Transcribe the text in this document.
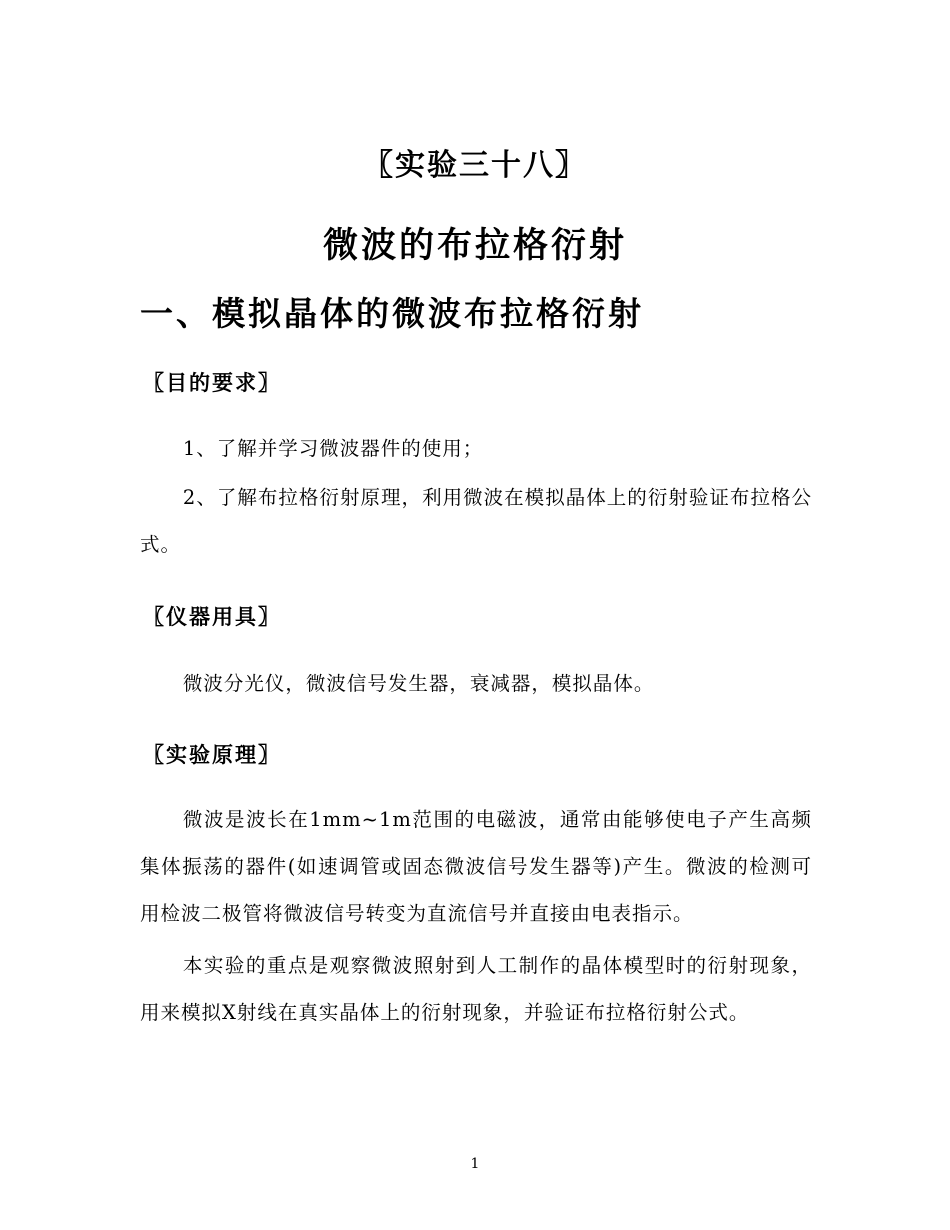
〖实验三十八〗
微波的布拉格衍射
一、模拟晶体的微波布拉格衍射
〖目的要求〗

1、了解并学习微波器件的使用；

2、了解布拉格衍射原理，利用微波在模拟晶体上的衍射验证布拉格公式。

〖仪器用具〗

微波分光仪，微波信号发生器，衰减器，模拟晶体。

〖实验原理〗

微波是波长在1mm~1m范围的电磁波，通常由能够使电子产生高频集体振荡的器件(如速调管或固态微波信号发生器等)产生。微波的检测可用检波二极管将微波信号转变为直流信号并直接由电表指示。

本实验的重点是观察微波照射到人工制作的晶体模型时的衍射现象，用来模拟X射线在真实晶体上的衍射现象，并验证布拉格衍射公式。

1
